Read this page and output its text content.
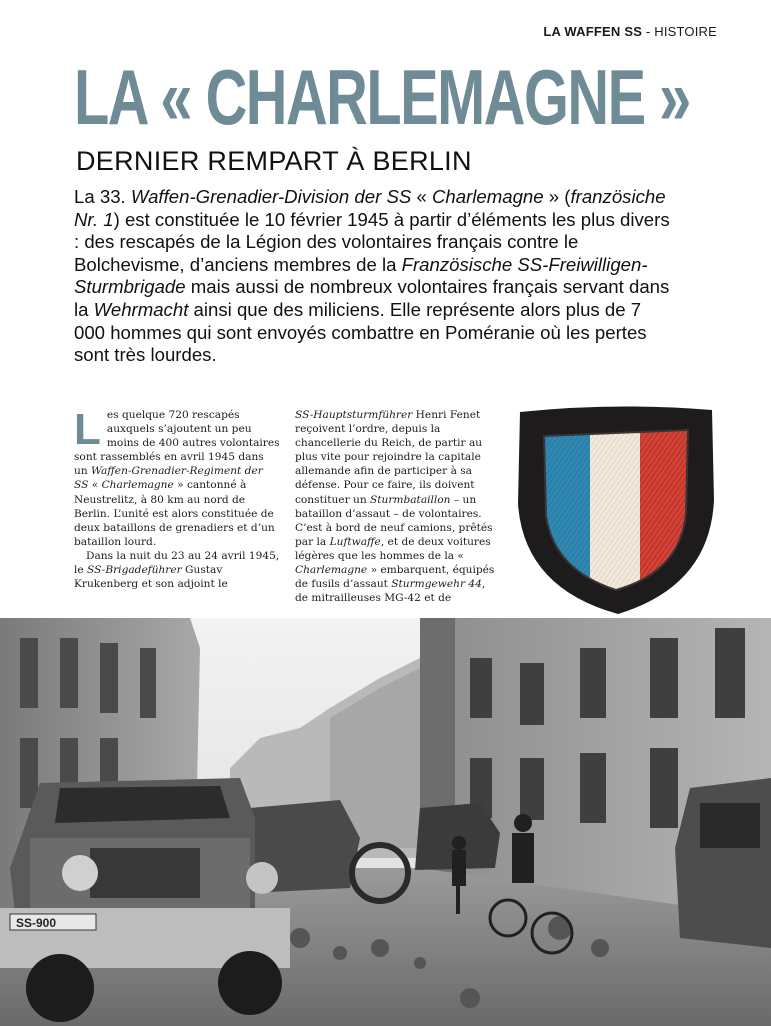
LA WAFFEN SS - HISTOIRE
LA « CHARLEMAGNE »
DERNIER REMPART À BERLIN
La 33. Waffen-Grenadier-Division der SS « Charlemagne » (französiche Nr. 1) est constituée le 10 février 1945 à partir d’éléments les plus divers : des rescapés de la Légion des volontaires français contre le Bolchevisme, d’anciens membres de la Französische SS-Freiwilligen-Sturmbrigade mais aussi de nombreux volontaires français servant dans la Wehrmacht ainsi que des miliciens. Elle représente alors plus de 7 000 hommes qui sont envoyés combattre en Poméranie où les pertes sont très lourdes.

Les quelque 720 rescapés auxquels s’ajoutent un peu moins de 400 autres volontaires sont rassemblés en avril 1945 dans un Waffen-Grenadier-Regiment der SS « Charlemagne » cantonné à Neustrelitz, à 80 km au nord de Berlin. L’unité est alors constituée de deux bataillons de grenadiers et d’un bataillon lourd.

Dans la nuit du 23 au 24 avril 1945, le SS-Brigadeführer Gustav Krukenberg et son adjoint le

SS-Hauptsturmführer Henri Fenet reçoivent l’ordre, depuis la chancellerie du Reich, de partir au plus vite pour rejoindre la capitale allemande afin de participer à sa défense. Pour ce faire, ils doivent constituer un Sturmbataillon – un bataillon d’assaut – de volontaires. C’est à bord de neuf camions, prêtés par la Luftwaffe, et de deux voitures légères que les hommes de la « Charlemagne » embarquent, équipés de fusils d’assaut Sturmgewehr 44, de mitrailleuses MG-42 et de

SS-900
